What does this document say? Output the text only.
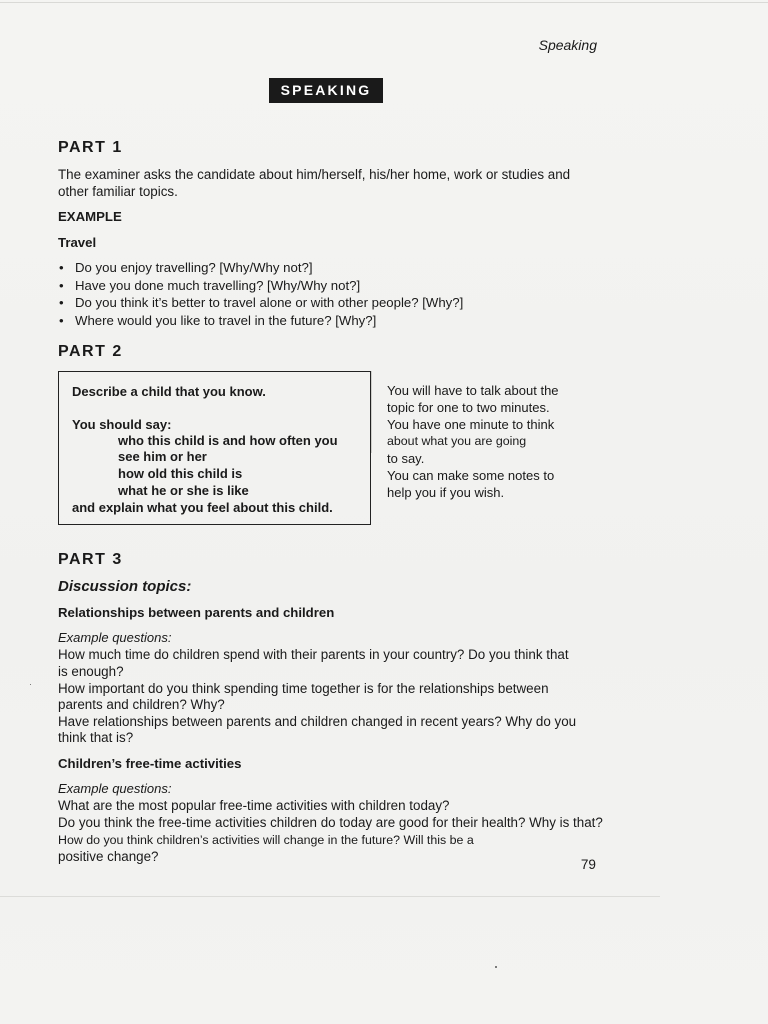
Speaking
SPEAKING
PART 1
The examiner asks the candidate about him/herself, his/her home, work or studies and
other familiar topics.
EXAMPLE
Travel
• Do you enjoy travelling? [Why/Why not?]
• Have you done much travelling? [Why/Why not?]
• Do you think it’s better to travel alone or with other people? [Why?]
• Where would you like to travel in the future? [Why?]
PART 2
Describe a child that you know.
You should say:
who this child is and how often you
see him or her
how old this child is
what he or she is like
and explain what you feel about this child.
You will have to talk about the
topic for one to two minutes.
You have one minute to think
about what you are going
to say.
You can make some notes to
help you if you wish.
PART 3
Discussion topics:
Relationships between parents and children
Example questions:
How much time do children spend with their parents in your country? Do you think that
is enough?
How important do you think spending time together is for the relationships between
parents and children? Why?
Have relationships between parents and children changed in recent years? Why do you
think that is?
Children’s free-time activities
Example questions:
What are the most popular free-time activities with children today?
Do you think the free-time activities children do today are good for their health? Why is that?
How do you think children’s activities will change in the future? Will this be a
positive change?
79
